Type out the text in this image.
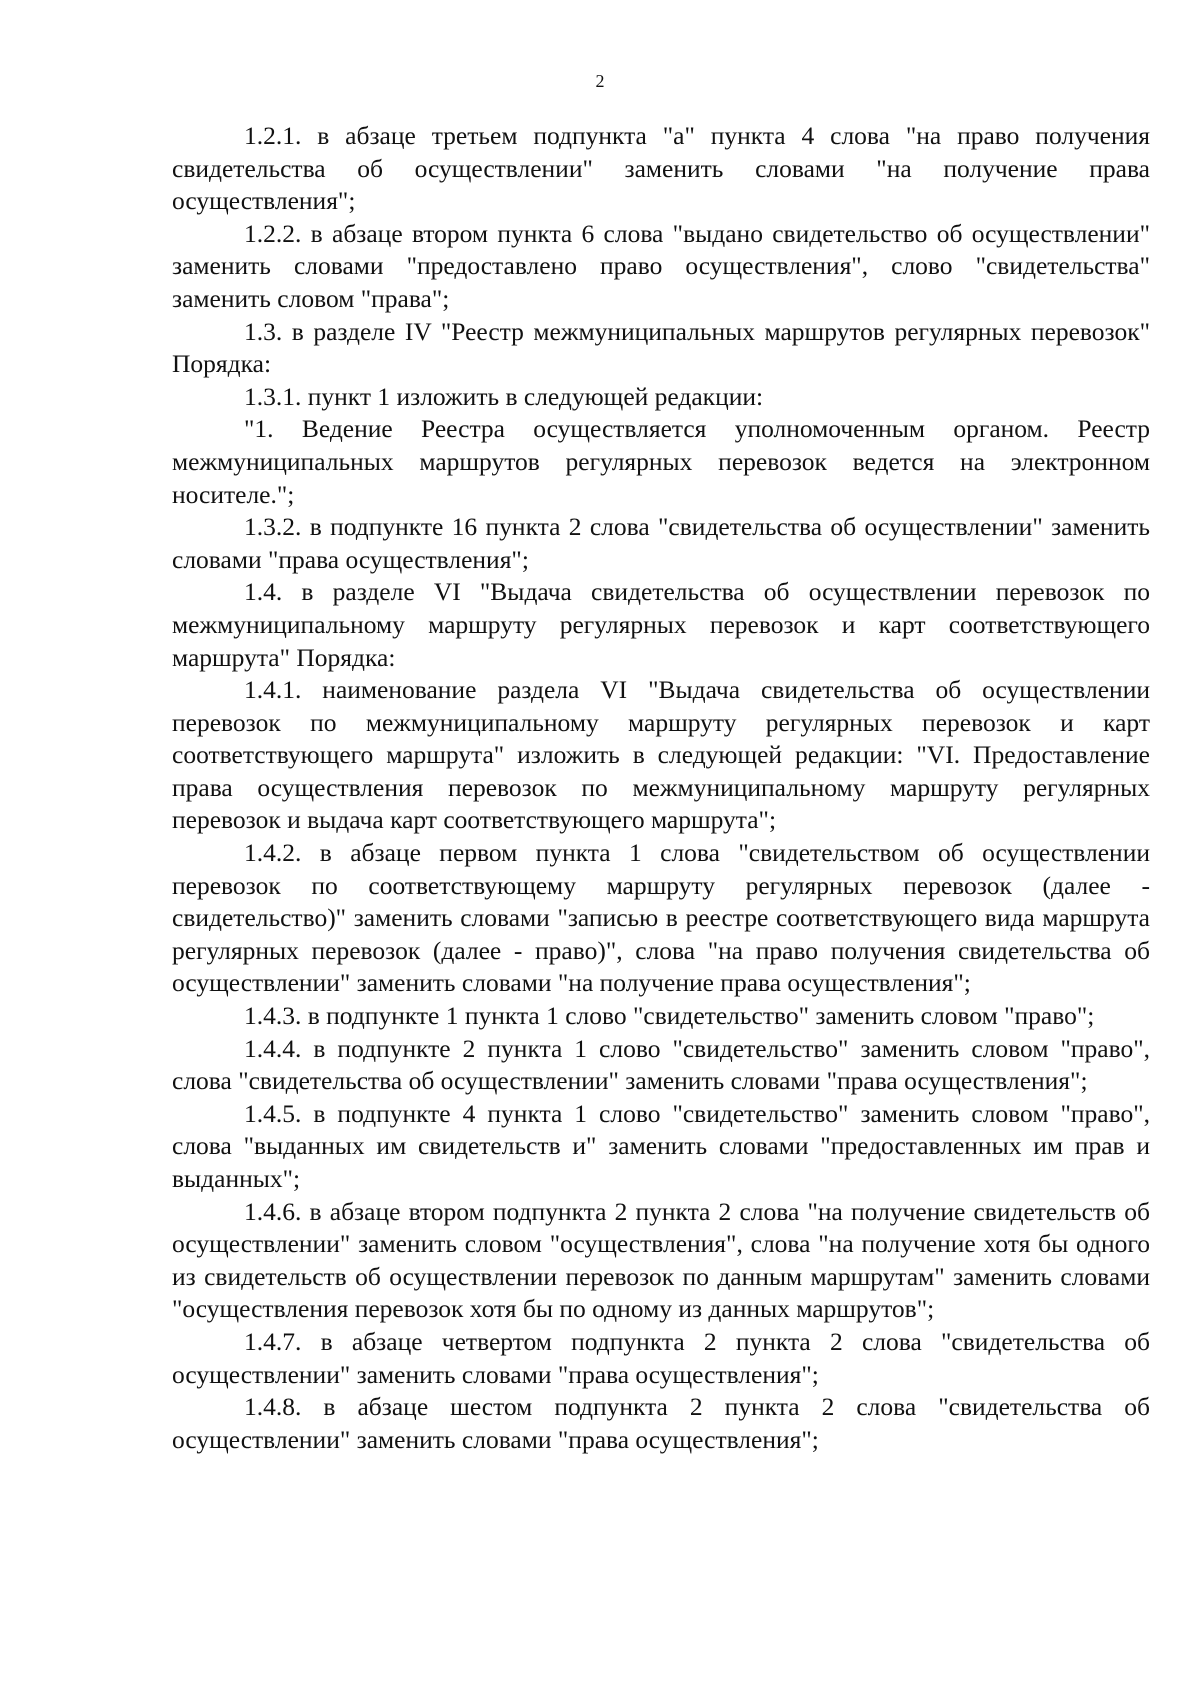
2

1.2.1. в абзаце третьем подпункта "а" пункта 4 слова "на право получения свидетельства об осуществлении" заменить словами "на получение права осуществления";

1.2.2. в абзаце втором пункта 6 слова "выдано свидетельство об осуществлении" заменить словами "предоставлено право осуществления", слово "свидетельства" заменить словом "права";

1.3. в разделе IV "Реестр межмуниципальных маршрутов регулярных перевозок" Порядка:

1.3.1. пункт 1 изложить в следующей редакции:

"1. Ведение Реестра осуществляется уполномоченным органом. Реестр межмуниципальных маршрутов регулярных перевозок ведется на электронном носителе.";

1.3.2. в подпункте 16 пункта 2 слова "свидетельства об осуществлении" заменить словами "права осуществления";

1.4. в разделе VI "Выдача свидетельства об осуществлении перевозок по межмуниципальному маршруту регулярных перевозок и карт соответствующего маршрута" Порядка:

1.4.1. наименование раздела VI "Выдача свидетельства об осуществлении перевозок по межмуниципальному маршруту регулярных перевозок и карт соответствующего маршрута" изложить в следующей редакции: "VI. Предоставление права осуществления перевозок по межмуниципальному маршруту регулярных перевозок и выдача карт соответствующего маршрута";

1.4.2. в абзаце первом пункта 1 слова "свидетельством об осуществлении перевозок по соответствующему маршруту регулярных перевозок (далее - свидетельство)" заменить словами "записью в реестре соответствующего вида маршрута регулярных перевозок (далее - право)", слова "на право получения свидетельства об осуществлении" заменить словами "на получение права осуществления";

1.4.3. в подпункте 1 пункта 1 слово "свидетельство" заменить словом "право";

1.4.4. в подпункте 2 пункта 1 слово "свидетельство" заменить словом "право", слова "свидетельства об осуществлении" заменить словами "права осуществления";

1.4.5. в подпункте 4 пункта 1 слово "свидетельство" заменить словом "право", слова "выданных им свидетельств и" заменить словами "предоставленных им прав и выданных";

1.4.6. в абзаце втором подпункта 2 пункта 2 слова "на получение свидетельств об осуществлении" заменить словом "осуществления", слова "на получение хотя бы одного из свидетельств об осуществлении перевозок по данным маршрутам" заменить словами "осуществления перевозок хотя бы по одному из данных маршрутов";

1.4.7. в абзаце четвертом подпункта 2 пункта 2 слова "свидетельства об осуществлении" заменить словами "права осуществления";

1.4.8. в абзаце шестом подпункта 2 пункта 2 слова "свидетельства об осуществлении" заменить словами "права осуществления";
